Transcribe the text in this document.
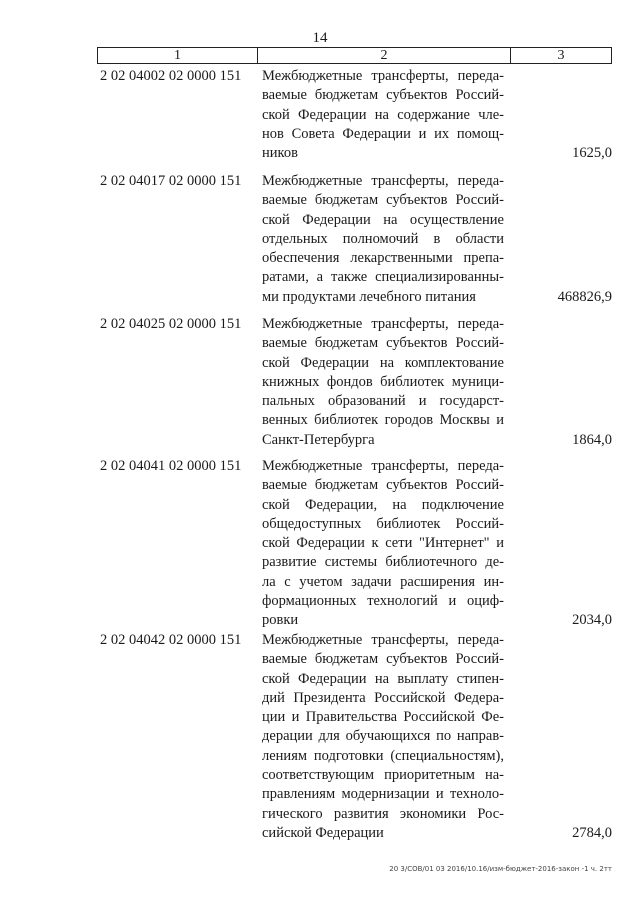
14
1	2	3
2 02 04002 02 0000 151 Межбюджетные трансферты, переда-
ваемые бюджетам субъектов Россий-
ской Федерации на содержание чле-
нов Совета Федерации и их помощ-
ников	1625,0
2 02 04017 02 0000 151 Межбюджетные трансферты, переда-
ваемые бюджетам субъектов Россий-
ской Федерации на осуществление
отдельных полномочий в области
обеспечения лекарственными препа-
ратами, а также специализированны-
ми продуктами лечебного питания	468826,9
2 02 04025 02 0000 151 Межбюджетные трансферты, переда-
ваемые бюджетам субъектов Россий-
ской Федерации на комплектование
книжных фондов библиотек муници-
пальных образований и государст-
венных библиотек городов Москвы и
Санкт-Петербурга	1864,0
2 02 04041 02 0000 151 Межбюджетные трансферты, переда-
ваемые бюджетам субъектов Россий-
ской Федерации, на подключение
общедоступных библиотек Россий-
ской Федерации к сети "Интернет" и
развитие системы библиотечного де-
ла с учетом задачи расширения ин-
формационных технологий и оциф-
ровки	2034,0
2 02 04042 02 0000 151 Межбюджетные трансферты, переда-
ваемые бюджетам субъектов Россий-
ской Федерации на выплату стипен-
дий Президента Российской Федера-
ции и Правительства Российской Фе-
дерации для обучающихся по направ-
лениям подготовки (специальностям),
соответствующим приоритетным на-
правлениям модернизации и техноло-
гического развития экономики Рос-
сийской Федерации	2784,0
20 3/СОВ/01 03 2016/10.16/изм-бюджет-2016-закон -1 ч. 2тт
